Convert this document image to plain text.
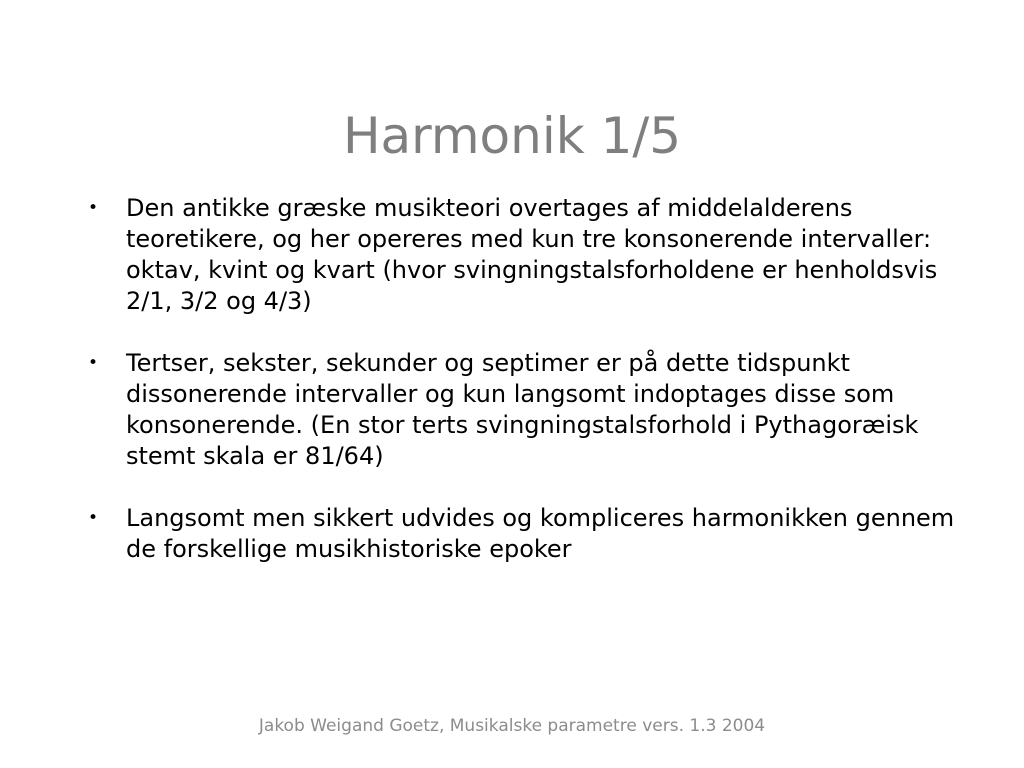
Harmonik 1/5
• Den antikke græske musikteori overtages af middelalderens teoretikere, og her opereres med kun tre konsonerende intervaller: oktav, kvint og kvart (hvor svingningstalsforholdene er henholdsvis 2/1, 3/2 og 4/3)
• Tertser, sekster, sekunder og septimer er på dette tidspunkt dissonerende intervaller og kun langsomt indoptages disse som konsonerende. (En stor terts svingningstalsforhold i Pythagoræisk stemt skala er 81/64)
• Langsomt men sikkert udvides og kompliceres harmonikken gennem de forskellige musikhistoriske epoker
Jakob Weigand Goetz, Musikalske parametre vers. 1.3 2004
